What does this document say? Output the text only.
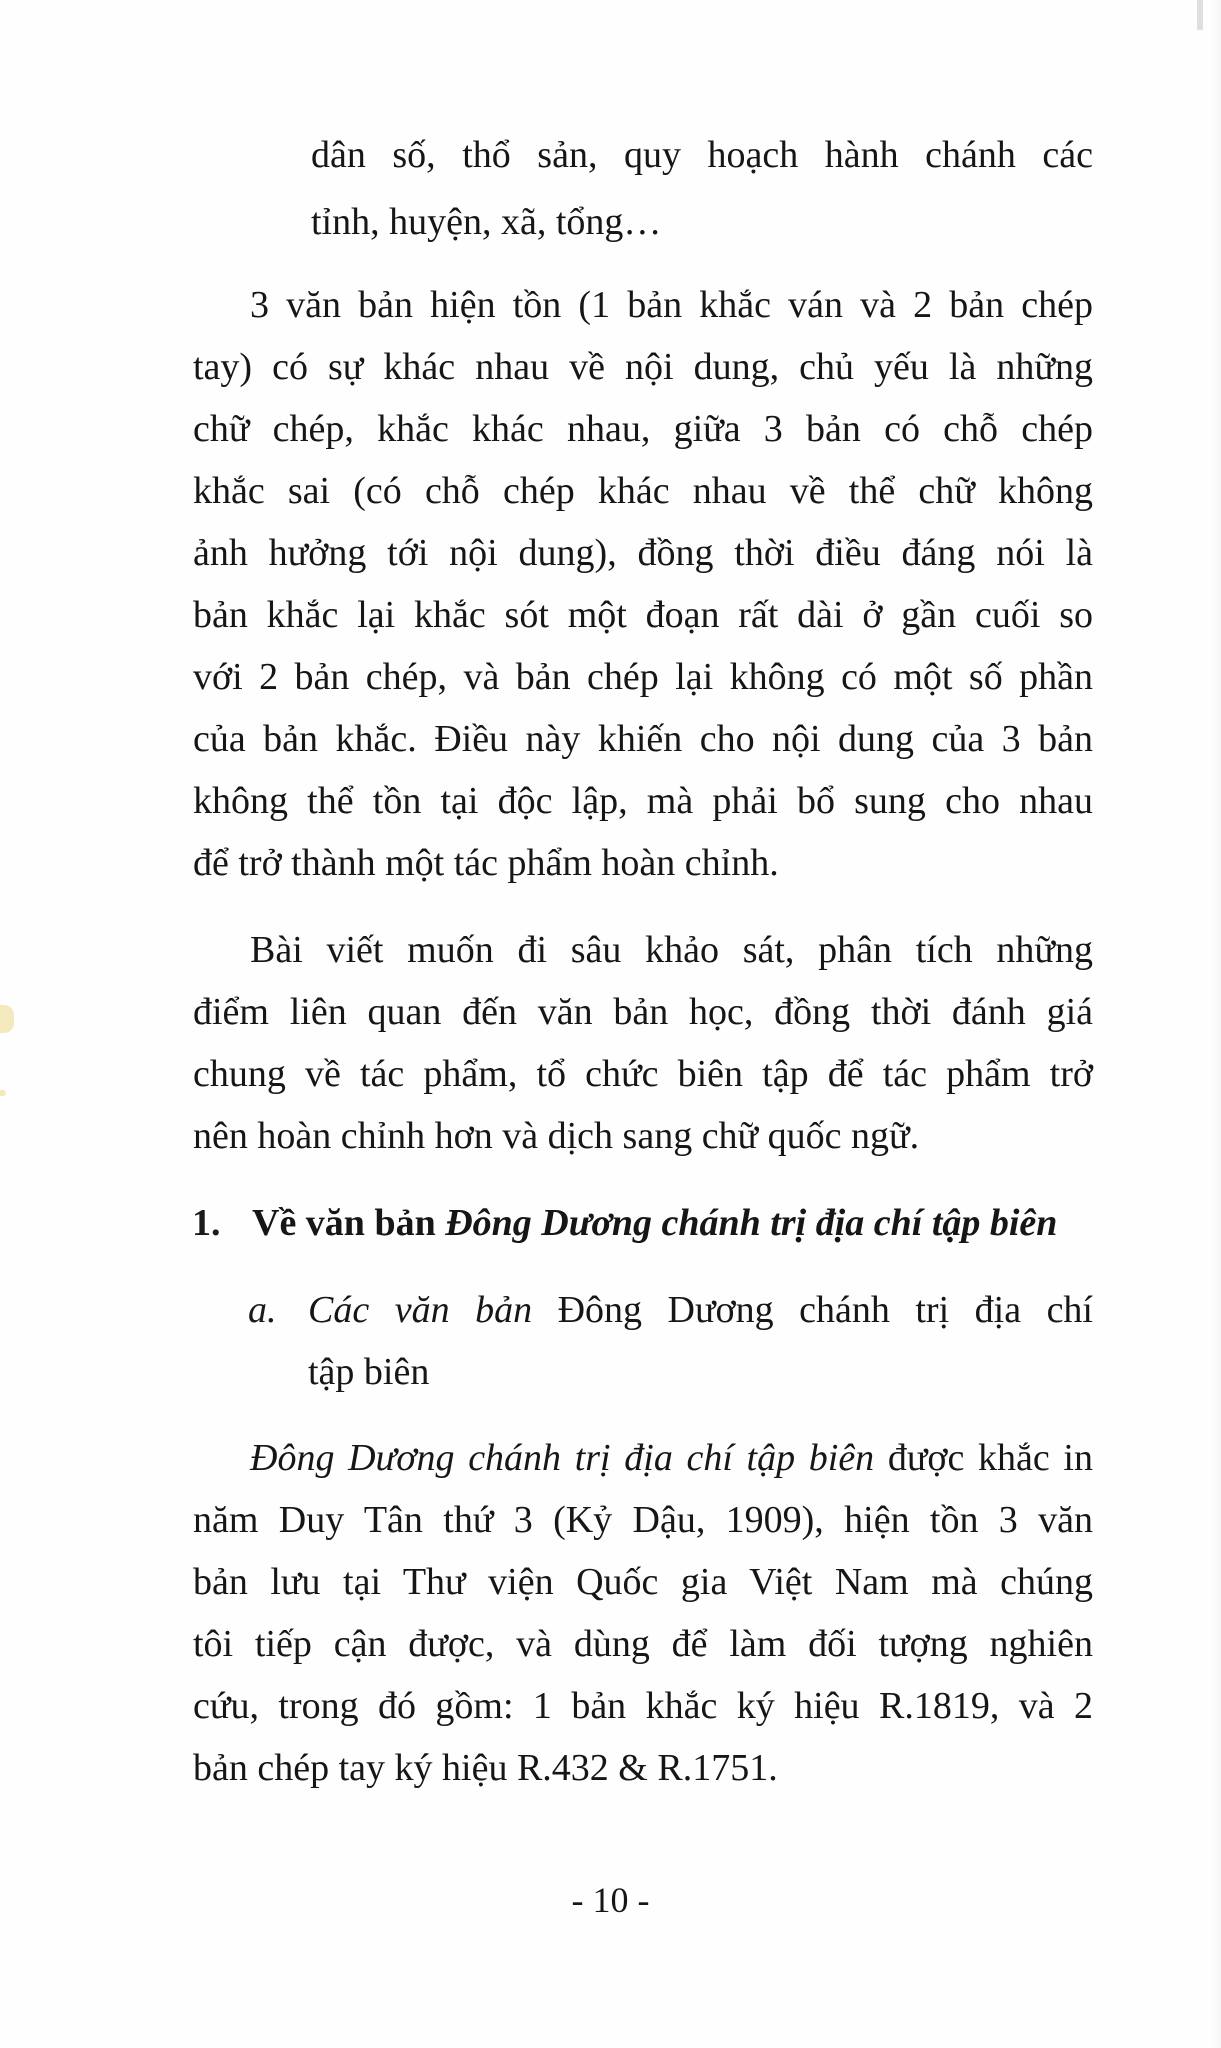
dân số, thổ sản, quy hoạch hành chánh các
tỉnh, huyện, xã, tổng…
3 văn bản hiện tồn (1 bản khắc ván và 2 bản chép
tay) có sự khác nhau về nội dung, chủ yếu là những
chữ chép, khắc khác nhau, giữa 3 bản có chỗ chép
khắc sai (có chỗ chép khác nhau về thể chữ không
ảnh hưởng tới nội dung), đồng thời điều đáng nói là
bản khắc lại khắc sót một đoạn rất dài ở gần cuối so
với 2 bản chép, và bản chép lại không có một số phần
của bản khắc. Điều này khiến cho nội dung của 3 bản
không thể tồn tại độc lập, mà phải bổ sung cho nhau
để trở thành một tác phẩm hoàn chỉnh.
Bài viết muốn đi sâu khảo sát, phân tích những
điểm liên quan đến văn bản học, đồng thời đánh giá
chung về tác phẩm, tổ chức biên tập để tác phẩm trở
nên hoàn chỉnh hơn và dịch sang chữ quốc ngữ.
1. Về văn bản Đông Dương chánh trị địa chí tập biên
a. Các văn bản Đông Dương chánh trị địa chí
tập biên
Đông Dương chánh trị địa chí tập biên được khắc in
năm Duy Tân thứ 3 (Kỷ Dậu, 1909), hiện tồn 3 văn
bản lưu tại Thư viện Quốc gia Việt Nam mà chúng
tôi tiếp cận được, và dùng để làm đối tượng nghiên
cứu, trong đó gồm: 1 bản khắc ký hiệu R.1819, và 2
bản chép tay ký hiệu R.432 & R.1751.
- 10 -
